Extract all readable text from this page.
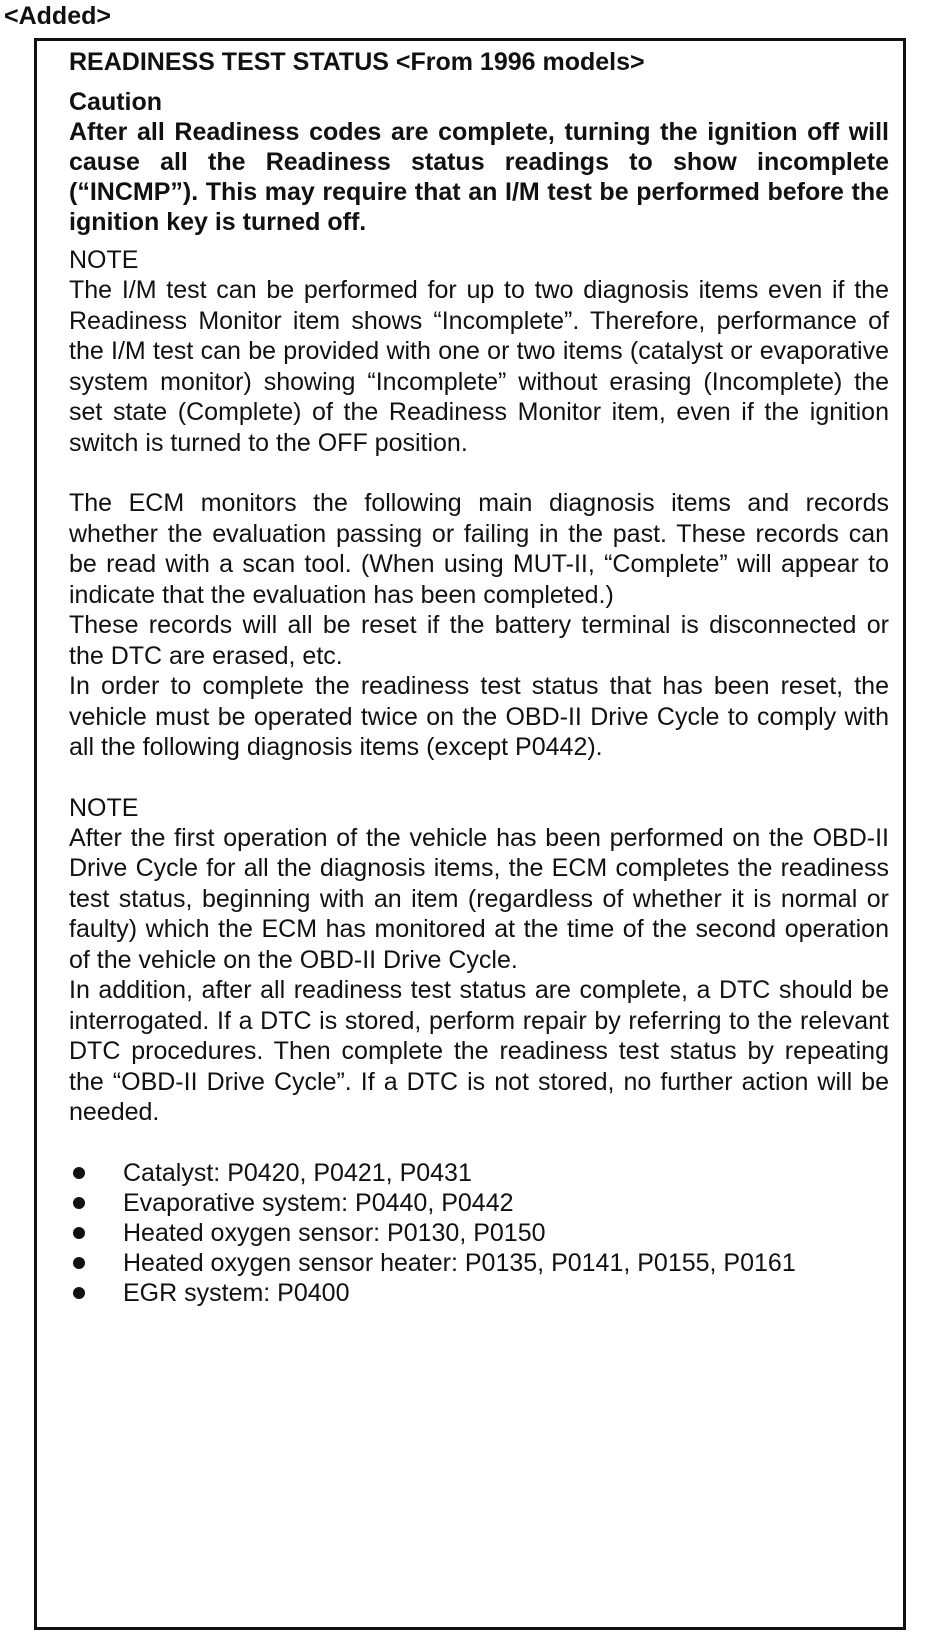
<Added>
READINESS TEST STATUS <From 1996 models>
Caution
After all Readiness codes are complete, turning the ignition off will cause all the Readiness status readings to show incomplete (“INCMP”). This may require that an I/M test be performed before the ignition key is turned off.
NOTE
The I/M test can be performed for up to two diagnosis items even if the Readiness Monitor item shows “Incomplete”. Therefore, performance of the I/M test can be provided with one or two items (catalyst or evaporative system monitor) showing “Incomplete” without erasing (Incomplete) the set state (Complete) of the Readiness Monitor item, even if the ignition switch is turned to the OFF position.
The ECM monitors the following main diagnosis items and records whether the evaluation passing or failing in the past. These records can be read with a scan tool. (When using MUT-II, “Complete” will appear to indicate that the evaluation has been completed.)
These records will all be reset if the battery terminal is disconnected or the DTC are erased, etc.
In order to complete the readiness test status that has been reset, the vehicle must be operated twice on the OBD-II Drive Cycle to comply with all the following diagnosis items (except P0442).
NOTE
After the first operation of the vehicle has been performed on the OBD-II Drive Cycle for all the diagnosis items, the ECM completes the readiness test status, beginning with an item (regardless of whether it is normal or faulty) which the ECM has monitored at the time of the second operation of the vehicle on the OBD-II Drive Cycle.
In addition, after all readiness test status are complete, a DTC should be interrogated. If a DTC is stored, perform repair by referring to the relevant DTC procedures. Then complete the readiness test status by repeating the “OBD-II Drive Cycle”. If a DTC is not stored, no further action will be needed.
Catalyst: P0420, P0421, P0431
Evaporative system: P0440, P0442
Heated oxygen sensor: P0130, P0150
Heated oxygen sensor heater: P0135, P0141, P0155, P0161
EGR system: P0400
